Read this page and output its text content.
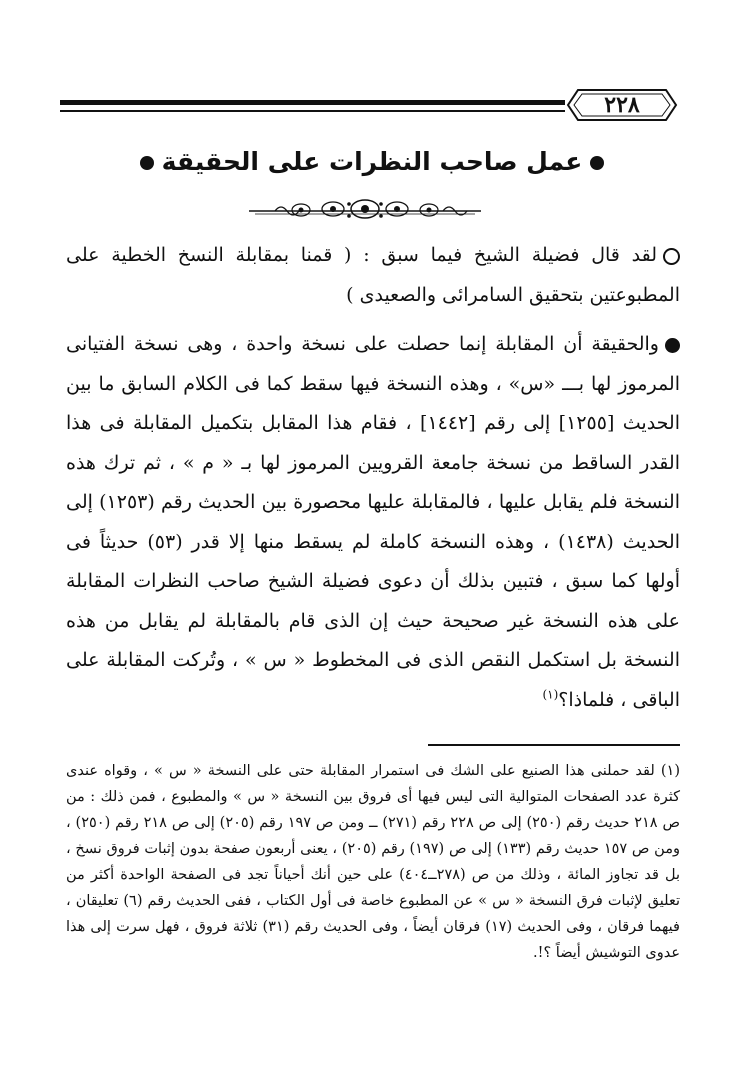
٢٢٨
عمل صاحب النظرات على الحقيقة

لقد قال فضيلة الشيخ فيما سبق : ( قمنا بمقابلة النسخ الخطية على المطبوعتين بتحقيق السامرائى والصعيدى )

والحقيقة أن المقابلة إنما حصلت على نسخة واحدة ، وهى نسخة الفتيانى المرموز لها بـــ «س» ، وهذه النسخة فيها سقط كما فى الكلام السابق ما بين الحديث [١٢٥٥] إلى رقم [١٤٤٢] ، فقام هذا المقابل بتكميل المقابلة فى هذا القدر الساقط من نسخة جامعة القرويين المرموز لها بـ « م » ، ثم ترك هذه النسخة فلم يقابل عليها ، فالمقابلة عليها محصورة بين الحديث رقم (١٢٥٣) إلى الحديث (١٤٣٨) ، وهذه النسخة كاملة لم يسقط منها إلا قدر (٥٣) حديثاً فى أولها كما سبق ، فتبين بذلك أن دعوى فضيلة الشيخ صاحب النظرات المقابلة على هذه النسخة غير صحيحة حيث إن الذى قام بالمقابلة لم يقابل من هذه النسخة بل استكمل النقص الذى فى المخطوط « س » ، وتُركت المقابلة على الباقى ، فلماذا؟$^{(١)}$

(١) لقد حملنى هذا الصنيع على الشك فى استمرار المقابلة حتى على النسخة « س » ، وقواه عندى كثرة عدد الصفحات المتوالية التى ليس فيها أى فروق بين النسخة « س » والمطبوع ، فمن ذلك : من ص ٢١٨ حديث رقم (٢٥٠) إلى ص ٢٢٨ رقم (٢٧١) ــ ومن ص ١٩٧ رقم (٢٠٥) إلى ص ٢١٨ رقم (٢٥٠) ، ومن ص ١٥٧ حديث رقم (١٣٣) إلى ص (١٩٧) رقم (٢٠٥) ، يعنى أربعون صفحة بدون إثبات فروق نسخ ، بل قد تجاوز المائة ، وذلك من ص (٢٧٨ــ٤٠٤) على حين أنك أحياناً تجد فى الصفحة الواحدة أكثر من تعليق لإثبات فرق النسخة « س » عن المطبوع خاصة فى أول الكتاب ، ففى الحديث رقم (٦) تعليقان ، فيهما فرقان ، وفى الحديث (١٧) فرقان أيضاً ، وفى الحديث رقم (٣١) ثلاثة فروق ، فهل سرت إلى هذا عدوى التوشيش أيضاً ؟!.
